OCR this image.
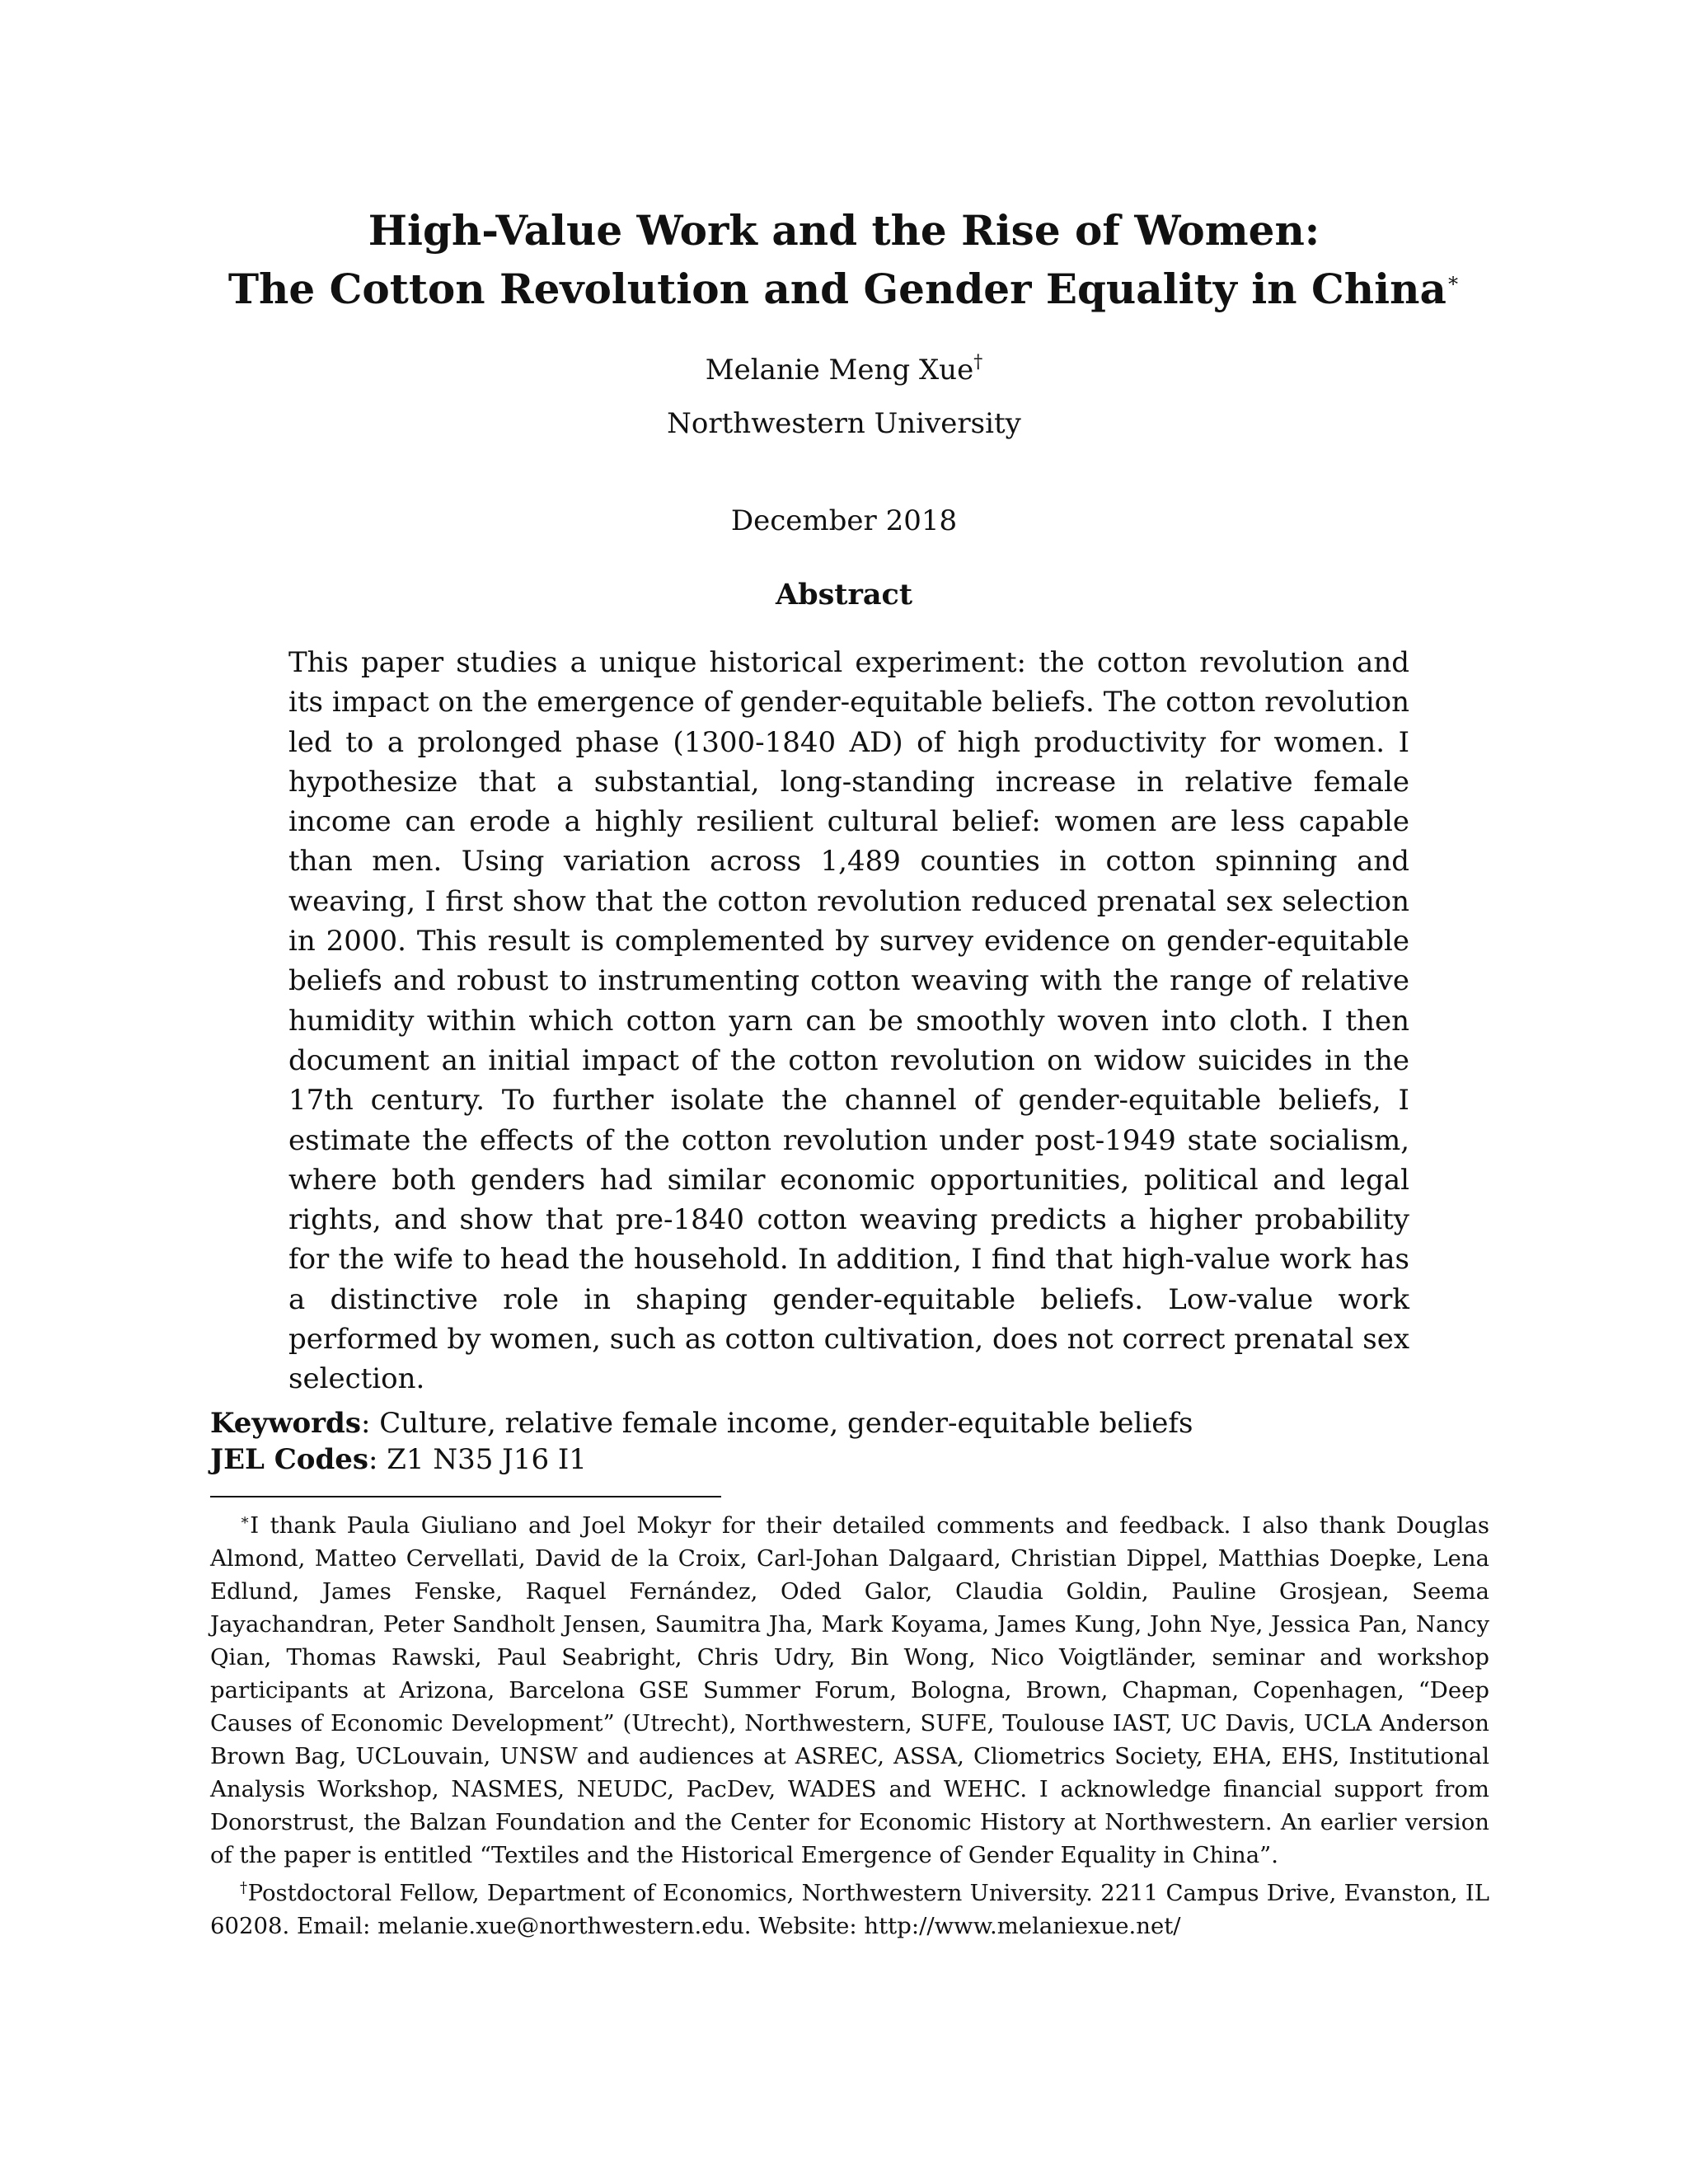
High-Value Work and the Rise of Women:
The Cotton Revolution and Gender Equality in China∗
Melanie Meng Xue†
Northwestern University
December 2018
Abstract

This paper studies a unique historical experiment: the cotton revolution and its impact on the emergence of gender-equitable beliefs. The cotton revolution led to a prolonged phase (1300-1840 AD) of high productivity for women. I hypothesize that a substantial, long-standing increase in relative female income can erode a highly resilient cultural belief: women are less capable than men. Using variation across 1,489 counties in cotton spinning and weaving, I first show that the cotton revolution reduced prenatal sex selection in 2000. This result is complemented by survey evidence on gender-equitable beliefs and robust to instrumenting cotton weaving with the range of relative humidity within which cotton yarn can be smoothly woven into cloth. I then document an initial impact of the cotton revolution on widow suicides in the 17th century. To further isolate the channel of gender-equitable beliefs, I estimate the effects of the cotton revolution under post-1949 state socialism, where both genders had similar economic opportunities, political and legal rights, and show that pre-1840 cotton weaving predicts a higher probability for the wife to head the household. In addition, I find that high-value work has a distinctive role in shaping gender-equitable beliefs. Low-value work performed by women, such as cotton cultivation, does not correct prenatal sex selection.

Keywords: Culture, relative female income, gender-equitable beliefs
JEL Codes: Z1 N35 J16 I1

∗I thank Paula Giuliano and Joel Mokyr for their detailed comments and feedback. I also thank Douglas Almond, Matteo Cervellati, David de la Croix, Carl-Johan Dalgaard, Christian Dippel, Matthias Doepke, Lena Edlund, James Fenske, Raquel Fernández, Oded Galor, Claudia Goldin, Pauline Grosjean, Seema Jayachandran, Peter Sandholt Jensen, Saumitra Jha, Mark Koyama, James Kung, John Nye, Jessica Pan, Nancy Qian, Thomas Rawski, Paul Seabright, Chris Udry, Bin Wong, Nico Voigtländer, seminar and workshop participants at Arizona, Barcelona GSE Summer Forum, Bologna, Brown, Chapman, Copenhagen, “Deep Causes of Economic Development” (Utrecht), Northwestern, SUFE, Toulouse IAST, UC Davis, UCLA Anderson Brown Bag, UCLouvain, UNSW and audiences at ASREC, ASSA, Cliometrics Society, EHA, EHS, Institutional Analysis Workshop, NASMES, NEUDC, PacDev, WADES and WEHC. I acknowledge financial support from Donorstrust, the Balzan Foundation and the Center for Economic History at Northwestern. An earlier version of the paper is entitled “Textiles and the Historical Emergence of Gender Equality in China”.

†Postdoctoral Fellow, Department of Economics, Northwestern University. 2211 Campus Drive, Evanston, IL 60208. Email: melanie.xue@northwestern.edu. Website: http://www.melaniexue.net/
